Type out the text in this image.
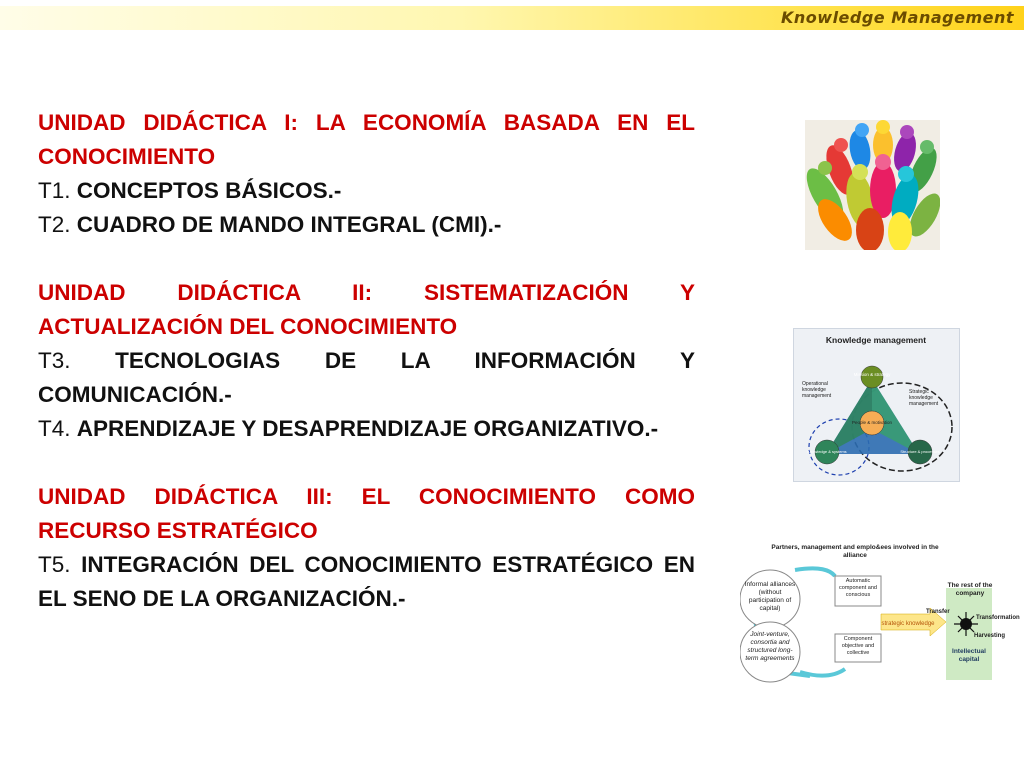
Knowledge Management

UNIDAD DIDÁCTICA I: LA ECONOMÍA BASADA EN EL CONOCIMIENTO

T1. CONCEPTOS BÁSICOS.-

T2. CUADRO DE MANDO INTEGRAL (CMI).-

UNIDAD DIDÁCTICA II: SISTEMATIZACIÓN Y ACTUALIZACIÓN DEL CONOCIMIENTO

T3. TECNOLOGIAS DE LA INFORMACIÓN Y COMUNICACIÓN.-

T4. APRENDIZAJE Y DESAPRENDIZAJE ORGANIZATIVO.-

UNIDAD DIDÁCTICA III: EL CONOCIMIENTO COMO RECURSO ESTRATÉGICO

T5. INTEGRACIÓN DEL CONOCIMIENTO ESTRATÉGICO EN EL SENO DE LA ORGANIZACIÓN.-

Knowledge management
Mission & strategy
People & motivation
Knowledge & systems	Structure & processes
Operational knowledge management
Strategic knowledge management
Partners, management and emplo&ees involved in the alliance
Informal alliances (without participation of capital)
Joint-venture, consortia and structured long-term agreements
Automatic component and conscious
Component objective and collective
strategic knowledge
The rest of the company
Transfer
Transformation
Harvesting
Intellectual capital
